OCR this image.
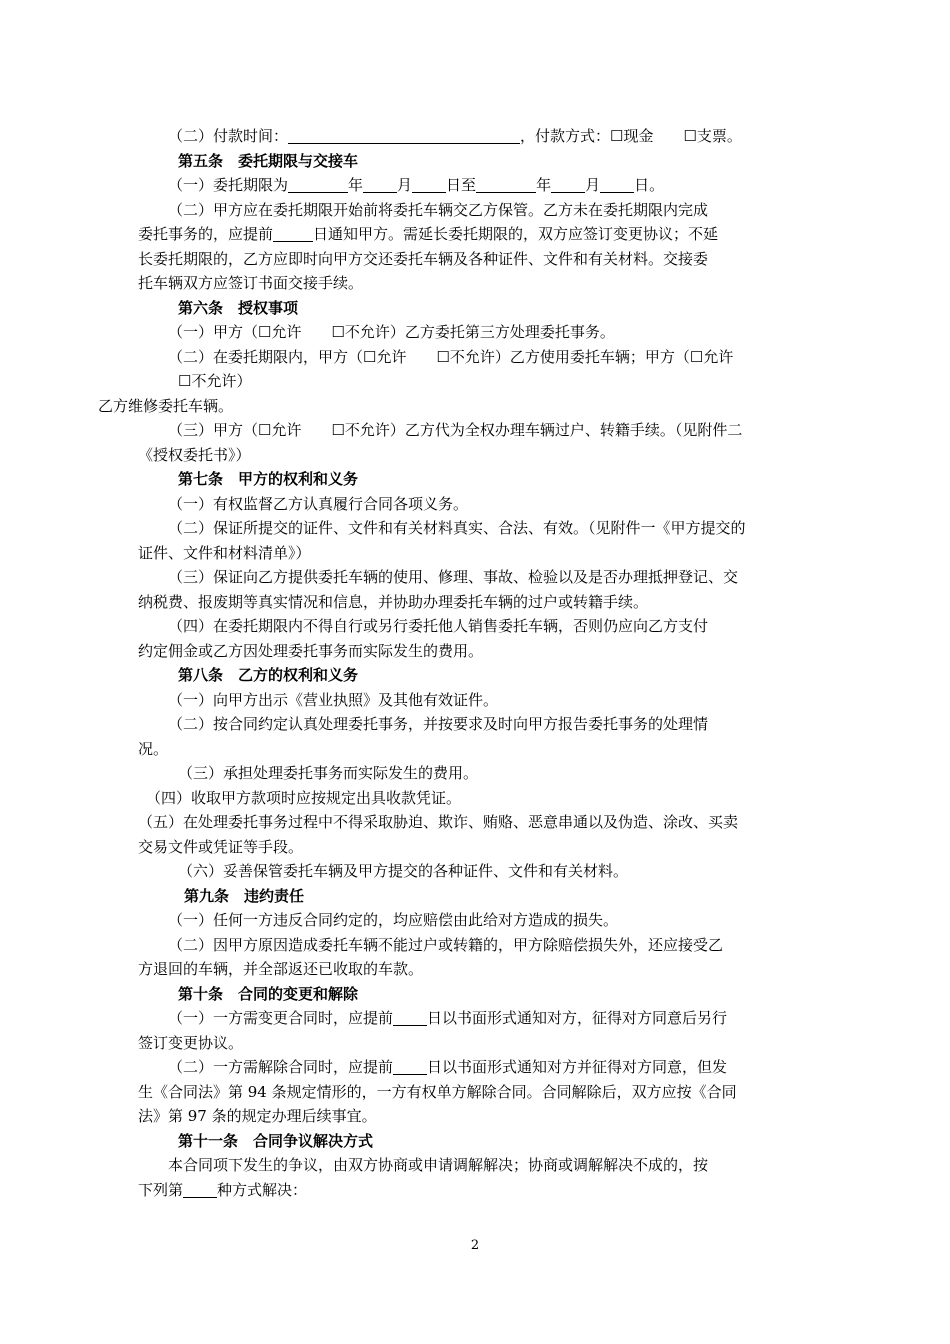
（二）付款时间：	，付款方式：☐现金 ☐支票。
第五条　委托期限与交接车
（一）委托期限为	年 月 日至	年 月 日。
（二）甲方应在委托期限开始前将委托车辆交乙方保管。乙方未在委托期限内完成
委托事务的，应提前	日通知甲方。需延长委托期限的，双方应签订变更协议；不延
长委托期限的，乙方应即时向甲方交还委托车辆及各种证件、文件和有关材料。交接委
托车辆双方应签订书面交接手续。
第六条　授权事项
（一）甲方（☐允许 ☐不允许）乙方委托第三方处理委托事务。
（二）在委托期限内，甲方（☐允许 ☐不允许）乙方使用委托车辆；甲方（☐允许
☐不允许）
乙方维修委托车辆。
（三）甲方（☐允许 ☐不允许）乙方代为全权办理车辆过户、转籍手续。（见附件二
《授权委托书》）
第七条　甲方的权利和义务
（一）有权监督乙方认真履行合同各项义务。
（二）保证所提交的证件、文件和有关材料真实、合法、有效。（见附件一《甲方提交的
证件、文件和材料清单》）
（三）保证向乙方提供委托车辆的使用、修理、事故、检验以及是否办理抵押登记、交
纳税费、报废期等真实情况和信息，并协助办理委托车辆的过户或转籍手续。
（四）在委托期限内不得自行或另行委托他人销售委托车辆，否则仍应向乙方支付
约定佣金或乙方因处理委托事务而实际发生的费用。
第八条　乙方的权利和义务
（一）向甲方出示《营业执照》及其他有效证件。
（二）按合同约定认真处理委托事务，并按要求及时向甲方报告委托事务的处理情
况。
（三）承担处理委托事务而实际发生的费用。
（四）收取甲方款项时应按规定出具收款凭证。
（五）在处理委托事务过程中不得采取胁迫、欺诈、贿赂、恶意串通以及伪造、涂改、买卖
交易文件或凭证等手段。
（六）妥善保管委托车辆及甲方提交的各种证件、文件和有关材料。
第九条　违约责任
（一）任何一方违反合同约定的，均应赔偿由此给对方造成的损失。
（二）因甲方原因造成委托车辆不能过户或转籍的，甲方除赔偿损失外，还应接受乙
方退回的车辆，并全部返还已收取的车款。
第十条　合同的变更和解除
（一）一方需变更合同时，应提前 日以书面形式通知对方，征得对方同意后另行
签订变更协议。
（二）一方需解除合同时，应提前 日以书面形式通知对方并征得对方同意，但发
生《合同法》第 94 条规定情形的，一方有权单方解除合同。合同解除后，双方应按《合同
法》第 97 条的规定办理后续事宜。
第十一条　合同争议解决方式
本合同项下发生的争议，由双方协商或申请调解解决；协商或调解解决不成的，按
下列第 种方式解决：
2
